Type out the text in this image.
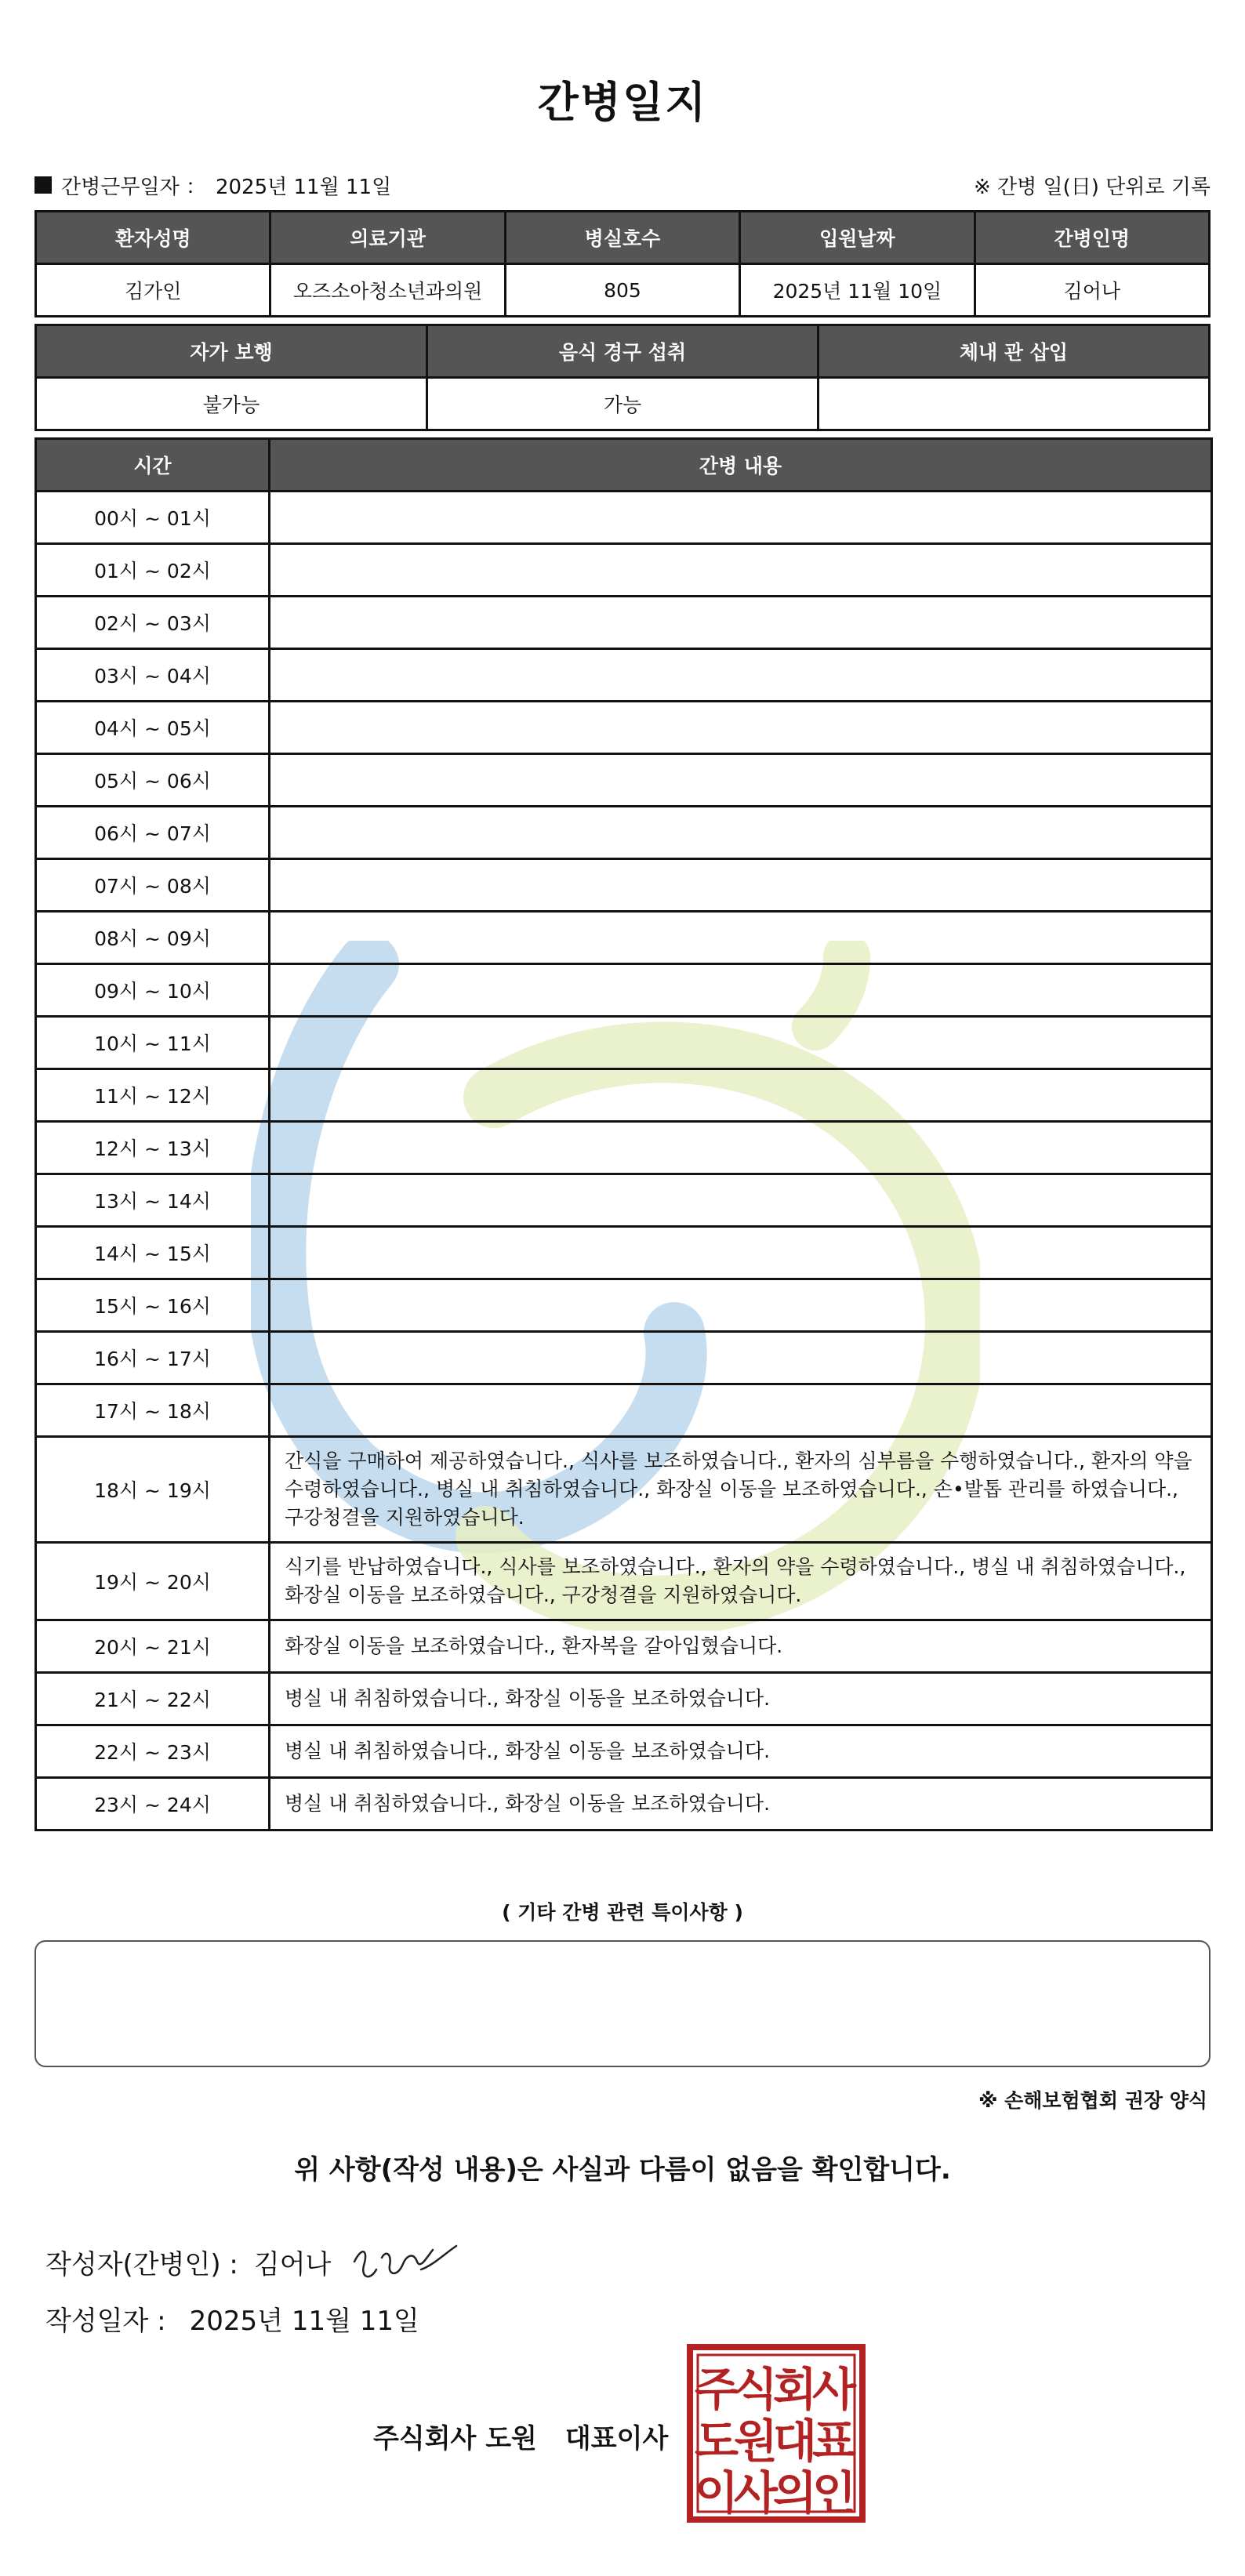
간병일지
간병근무일자 ： 2025년 11월 11일	※ 간병 일(日) 단위로 기록
환자성명	의료기관	병실호수	입원날짜	간병인명
김가인	오즈소아청소년과의원	805	2025년 11월 10일	김어나
자가 보행	음식 경구 섭취	체내 관 삽입
불가능	가능	
시간	간병 내용
00시 ~ 01시	
01시 ~ 02시	
02시 ~ 03시	
03시 ~ 04시	
04시 ~ 05시	
05시 ~ 06시	
06시 ~ 07시	
07시 ~ 08시	
08시 ~ 09시	
09시 ~ 10시	
10시 ~ 11시	
11시 ~ 12시	
12시 ~ 13시	
13시 ~ 14시	
14시 ~ 15시	
15시 ~ 16시	
16시 ~ 17시	
17시 ~ 18시	
18시 ~ 19시	간식을 구매하여 제공하였습니다., 식사를 보조하였습니다., 환자의 심부름을 수행하였습니다., 환자의 약을 수령하였습니다., 병실 내 취침하였습니다., 화장실 이동을 보조하였습니다., 손•발톱 관리를 하였습니다., 구강청결을 지원하였습니다.
19시 ~ 20시	식기를 반납하였습니다., 식사를 보조하였습니다., 환자의 약을 수령하였습니다., 병실 내 취침하였습니다., 화장실 이동을 보조하였습니다., 구강청결을 지원하였습니다.
20시 ~ 21시	화장실 이동을 보조하였습니다., 환자복을 갈아입혔습니다.
21시 ~ 22시	병실 내 취침하였습니다., 화장실 이동을 보조하였습니다.
22시 ~ 23시	병실 내 취침하였습니다., 화장실 이동을 보조하였습니다.
23시 ~ 24시	병실 내 취침하였습니다., 화장실 이동을 보조하였습니다.
( 기타 간병 관련 특이사항 )
※ 손해보험협회 권장 양식
위 사항(작성 내용)은 사실과 다름이 없음을 확인합니다.
작성자(간병인) : 김어나
작성일자 : 2025년 11월 11일
주식회사 도원 대표이사
주
식
회
사
도
원
대
표
이
사
의
인
